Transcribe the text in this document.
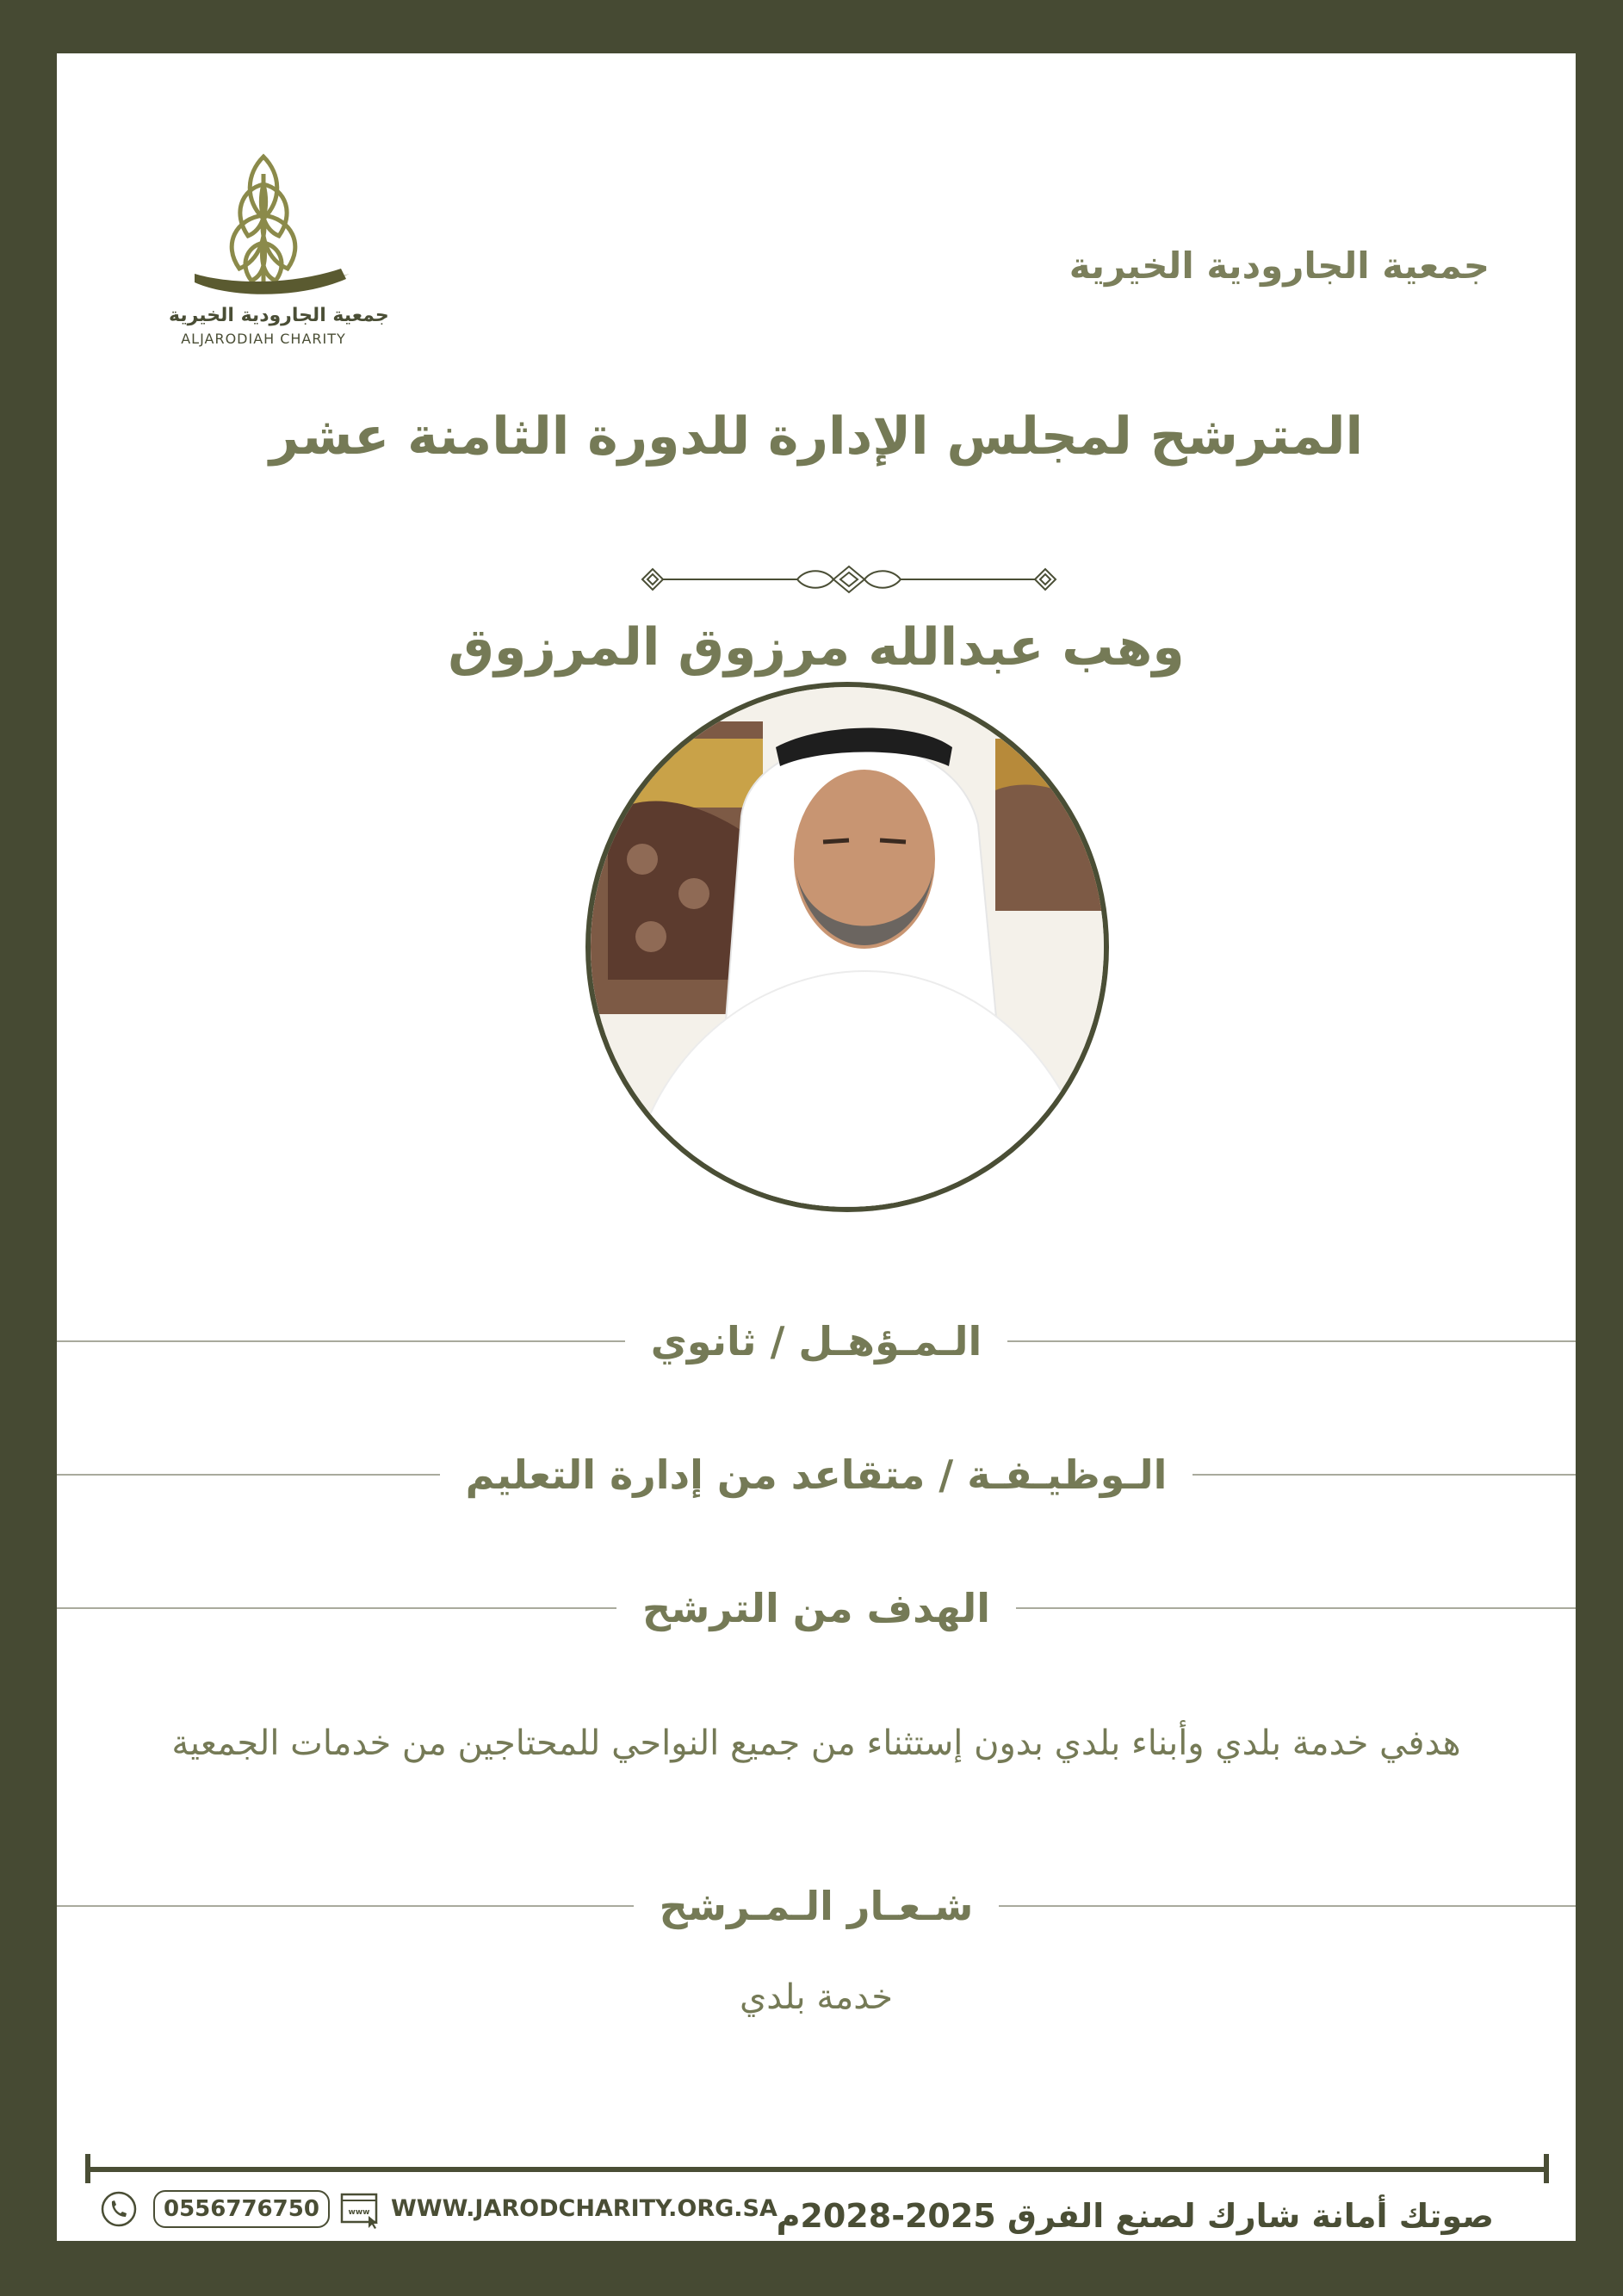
جمعية الجارودية الخيرية
ALJARODIAH CHARITY
جمعية الجارودية الخيرية
المترشح لمجلس الإدارة للدورة الثامنة عشر
وهب عبدالله مرزوق المرزوق
الـمـؤهـل / ثانوي
الـوظيـفـة / متقاعد من إدارة التعليم
الهدف من الترشح
هدفي خدمة بلدي وأبناء بلدي بدون إستثناء من جميع النواحي للمحتاجين من خدمات الجمعية
شـعـار الـمـرشح
خدمة بلدي
صوتك أمانة شارك لصنع الفرق 2025-2028م
0556776750	www WWW.JARODCHARITY.ORG.SA
